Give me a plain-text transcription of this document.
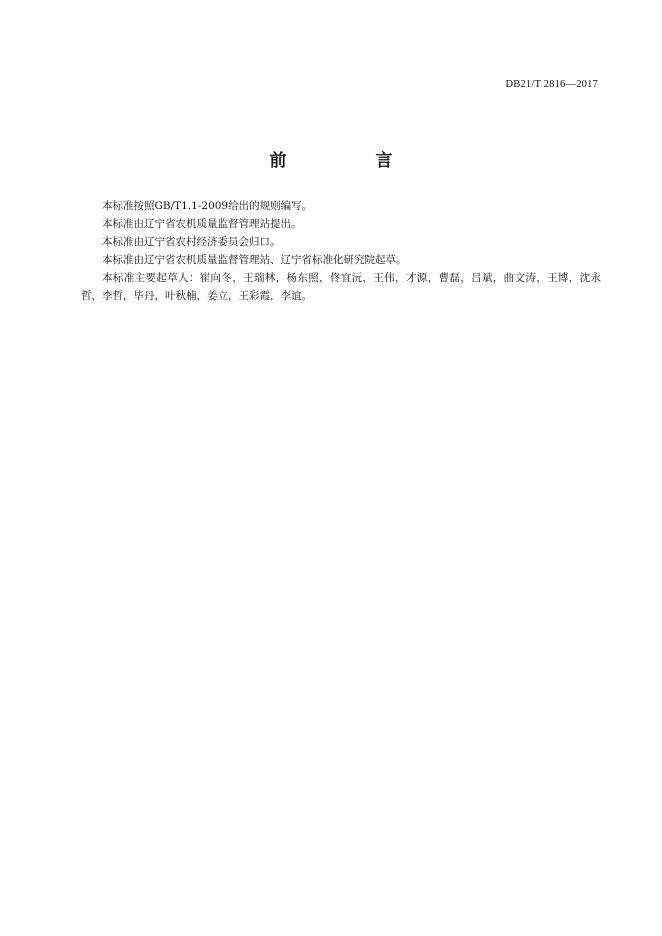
DB21/T 2816—2017
前　言

本标准按照GB/T1.1-2009给出的规则编写。

本标准由辽宁省农机质量监督管理站提出。

本标准由辽宁省农村经济委员会归口。

本标准由辽宁省农机质量监督管理站、辽宁省标准化研究院起草。

本标准主要起草人：崔向冬，王瑞林，杨东照，佟宜沅，王伟，才源，曹磊，吕斌，曲文涛，王博，沈永哲，李哲，毕丹，叶秋楠，姜立，王彩霞，李谊。
